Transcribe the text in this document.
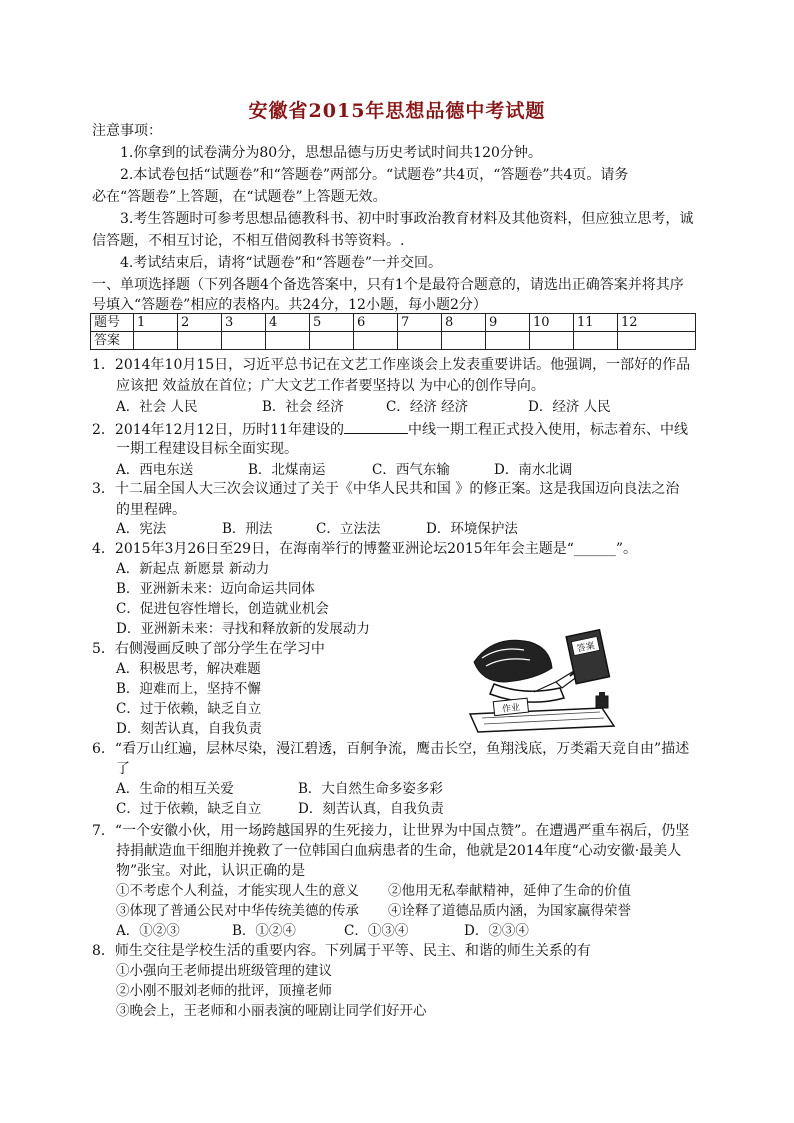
安徽省2015年思想品德中考试题
注意事项：
1.你拿到的试卷满分为80分，思想品德与历史考试时间共120分钟。
2.本试卷包括“试题卷”和“答题卷”两部分。“试题卷”共4页，“答题卷”共4页。请务
必在“答题卷”上答题，在“试题卷”上答题无效。
3.考生答题时可参考思想品德教科书、初中时事政治教育材料及其他资料，但应独立思考，诚
信答题，不相互讨论，不相互借阅教科书等资料。.
4.考试结束后，请将“试题卷”和“答题卷”一并交回。
一、单项选择题（下列各题4个备选答案中，只有1个是最符合题意的，请选出正确答案并将其序
号填入“答题卷”相应的表格内。共24分，12小题，每小题2分）
题号	1	2	3	4	5	6	7	8	9	10	11	12
答案												
1．2014年10月15日，习近平总书记在文艺工作座谈会上发表重要讲话。他强调，一部好的作品
应该把 效益放在首位；广大文艺工作者要坚持以 为中心的创作导向。
A．社会 人民	B．社会 经济	C．经济 经济	D．经济 人民
2．2014年12月12日，历时11年建设的	中线一期工程正式投入使用，标志着东、中线
一期工程建设目标全面实现。
A．西电东送	B．北煤南运	C．西气东输	D．南水北调
3．十二届全国人大三次会议通过了关于《中华人民共和国 》的修正案。这是我国迈向良法之治
的里程碑。
A．宪法	B．刑法	C．立法法	D．环境保护法
4．2015年3月26日至29日，在海南举行的博鳌亚洲论坛2015年年会主题是“______”。
A．新起点 新愿景 新动力
B．亚洲新未来：迈向命运共同体
C．促进包容性增长，创造就业机会
D．亚洲新未来：寻找和释放新的发展动力
5．右侧漫画反映了部分学生在学习中
A．积极思考，解决难题
B．迎难而上，坚持不懈
C．过于依赖，缺乏自立
D．刻苦认真，自我负责
答案
作业
6．“看万山红遍，层林尽染，漫江碧透，百舸争流，鹰击长空，鱼翔浅底，万类霜天竞自由”描述
了
A．生命的相互关爱	B．大自然生命多姿多彩
C．过于依赖，缺乏自立	D．刻苦认真，自我负责
7．“一个安徽小伙，用一场跨越国界的生死接力，让世界为中国点赞”。在遭遇严重车祸后，仍坚
持捐献造血干细胞并挽救了一位韩国白血病患者的生命，他就是2014年度“心动安徽·最美人
物”张宝。对此，认识正确的是
①不考虑个人利益，才能实现人生的意义 ②他用无私奉献精神，延伸了生命的价值
③体现了普通公民对中华传统美德的传承 ④诠释了道德品质内涵，为国家赢得荣誉
A．①②③	B．①②④	C．①③④	D．②③④
8．师生交往是学校生活的重要内容。下列属于平等、民主、和谐的师生关系的有
①小强向王老师提出班级管理的建议
②小刚不服刘老师的批评，顶撞老师
③晚会上，王老师和小丽表演的哑剧让同学们好开心
